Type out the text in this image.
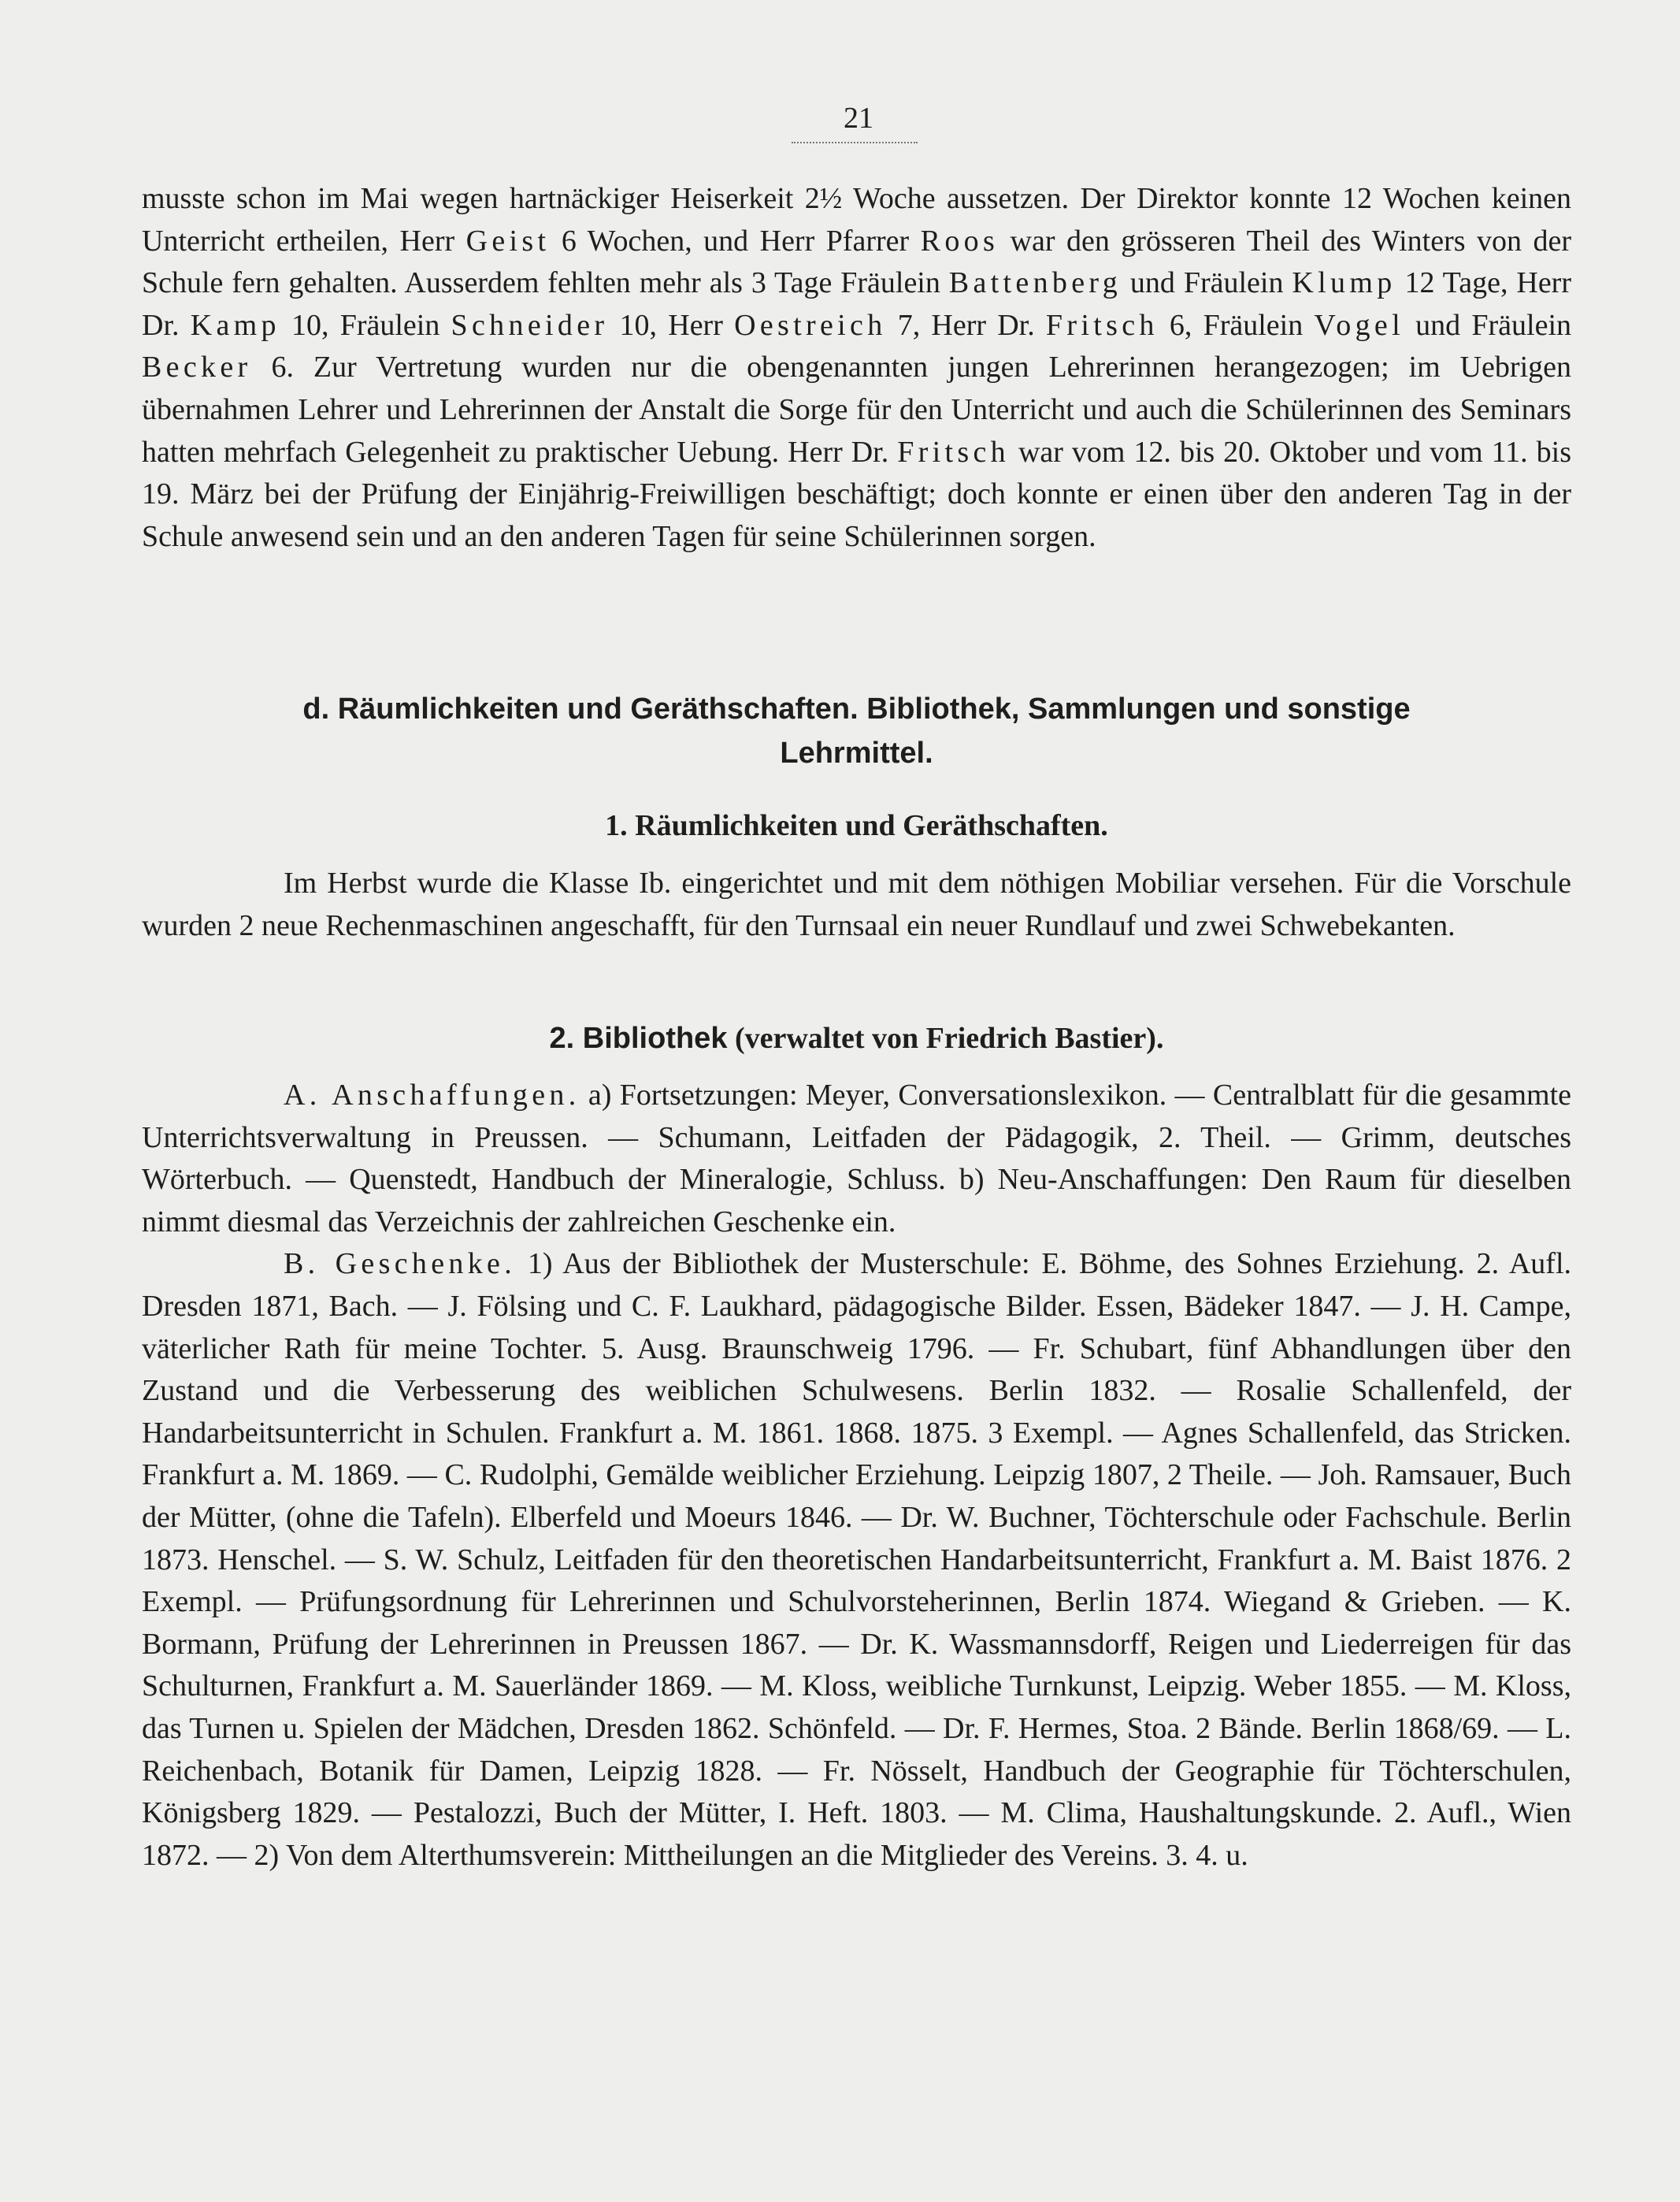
21

musste schon im Mai wegen hartnäckiger Heiserkeit 2½ Woche aussetzen. Der Direktor konnte 12 Wochen keinen Unterricht ertheilen, Herr Geist 6 Wochen, und Herr Pfarrer Roos war den grösseren Theil des Winters von der Schule fern gehalten. Ausserdem fehlten mehr als 3 Tage Fräulein Battenberg und Fräulein Klump 12 Tage, Herr Dr. Kamp 10, Fräulein Schneider 10, Herr Oestreich 7, Herr Dr. Fritsch 6, Fräulein Vogel und Fräulein Becker 6. Zur Vertretung wurden nur die obengenannten jungen Lehrerinnen herangezogen; im Uebrigen übernahmen Lehrer und Lehrerinnen der Anstalt die Sorge für den Unterricht und auch die Schülerinnen des Seminars hatten mehrfach Gelegenheit zu praktischer Uebung. Herr Dr. Fritsch war vom 12. bis 20. Oktober und vom 11. bis 19. März bei der Prüfung der Einjährig-Freiwilligen beschäftigt; doch konnte er einen über den anderen Tag in der Schule anwesend sein und an den anderen Tagen für seine Schülerinnen sorgen.

d. Räumlichkeiten und Geräthschaften. Bibliothek, Sammlungen und sonstige
Lehrmittel.
1. Räumlichkeiten und Geräthschaften.

Im Herbst wurde die Klasse Ib. eingerichtet und mit dem nöthigen Mobiliar versehen. Für die Vorschule wurden 2 neue Rechenmaschinen angeschafft, für den Turnsaal ein neuer Rundlauf und zwei Schwebekanten.

2. Bibliothek (verwaltet von Friedrich Bastier).

A. Anschaffungen. a) Fortsetzungen: Meyer, Conversationslexikon. — Centralblatt für die gesammte Unterrichtsverwaltung in Preussen. — Schumann, Leitfaden der Pädagogik, 2. Theil. — Grimm, deutsches Wörterbuch. — Quenstedt, Handbuch der Mineralogie, Schluss. b) Neu-Anschaffungen: Den Raum für dieselben nimmt diesmal das Verzeichnis der zahlreichen Geschenke ein.

B. Geschenke. 1) Aus der Bibliothek der Musterschule: E. Böhme, des Sohnes Erziehung. 2. Aufl. Dresden 1871, Bach. — J. Fölsing und C. F. Laukhard, pädagogische Bilder. Essen, Bädeker 1847. — J. H. Campe, väterlicher Rath für meine Tochter. 5. Ausg. Braunschweig 1796. — Fr. Schubart, fünf Abhandlungen über den Zustand und die Verbesserung des weiblichen Schulwesens. Berlin 1832. — Rosalie Schallenfeld, der Handarbeitsunterricht in Schulen. Frankfurt a. M. 1861. 1868. 1875. 3 Exempl. — Agnes Schallenfeld, das Stricken. Frankfurt a. M. 1869. — C. Rudolphi, Gemälde weiblicher Erziehung. Leipzig 1807, 2 Theile. — Joh. Ramsauer, Buch der Mütter, (ohne die Tafeln). Elberfeld und Moeurs 1846. — Dr. W. Buchner, Töchterschule oder Fachschule. Berlin 1873. Henschel. — S. W. Schulz, Leitfaden für den theoretischen Handarbeitsunterricht, Frankfurt a. M. Baist 1876. 2 Exempl. — Prüfungsordnung für Lehrerinnen und Schulvorsteherinnen, Berlin 1874. Wiegand & Grieben. — K. Bormann, Prüfung der Lehrerinnen in Preussen 1867. — Dr. K. Wassmannsdorff, Reigen und Liederreigen für das Schulturnen, Frankfurt a. M. Sauerländer 1869. — M. Kloss, weibliche Turnkunst, Leipzig. Weber 1855. — M. Kloss, das Turnen u. Spielen der Mädchen, Dresden 1862. Schönfeld. — Dr. F. Hermes, Stoa. 2 Bände. Berlin 1868/69. — L. Reichenbach, Botanik für Damen, Leipzig 1828. — Fr. Nösselt, Handbuch der Geographie für Töchterschulen, Königsberg 1829. — Pestalozzi, Buch der Mütter, I. Heft. 1803. — M. Clima, Haushaltungskunde. 2. Aufl., Wien 1872. — 2) Von dem Alterthumsverein: Mittheilungen an die Mitglieder des Vereins. 3. 4. u.
